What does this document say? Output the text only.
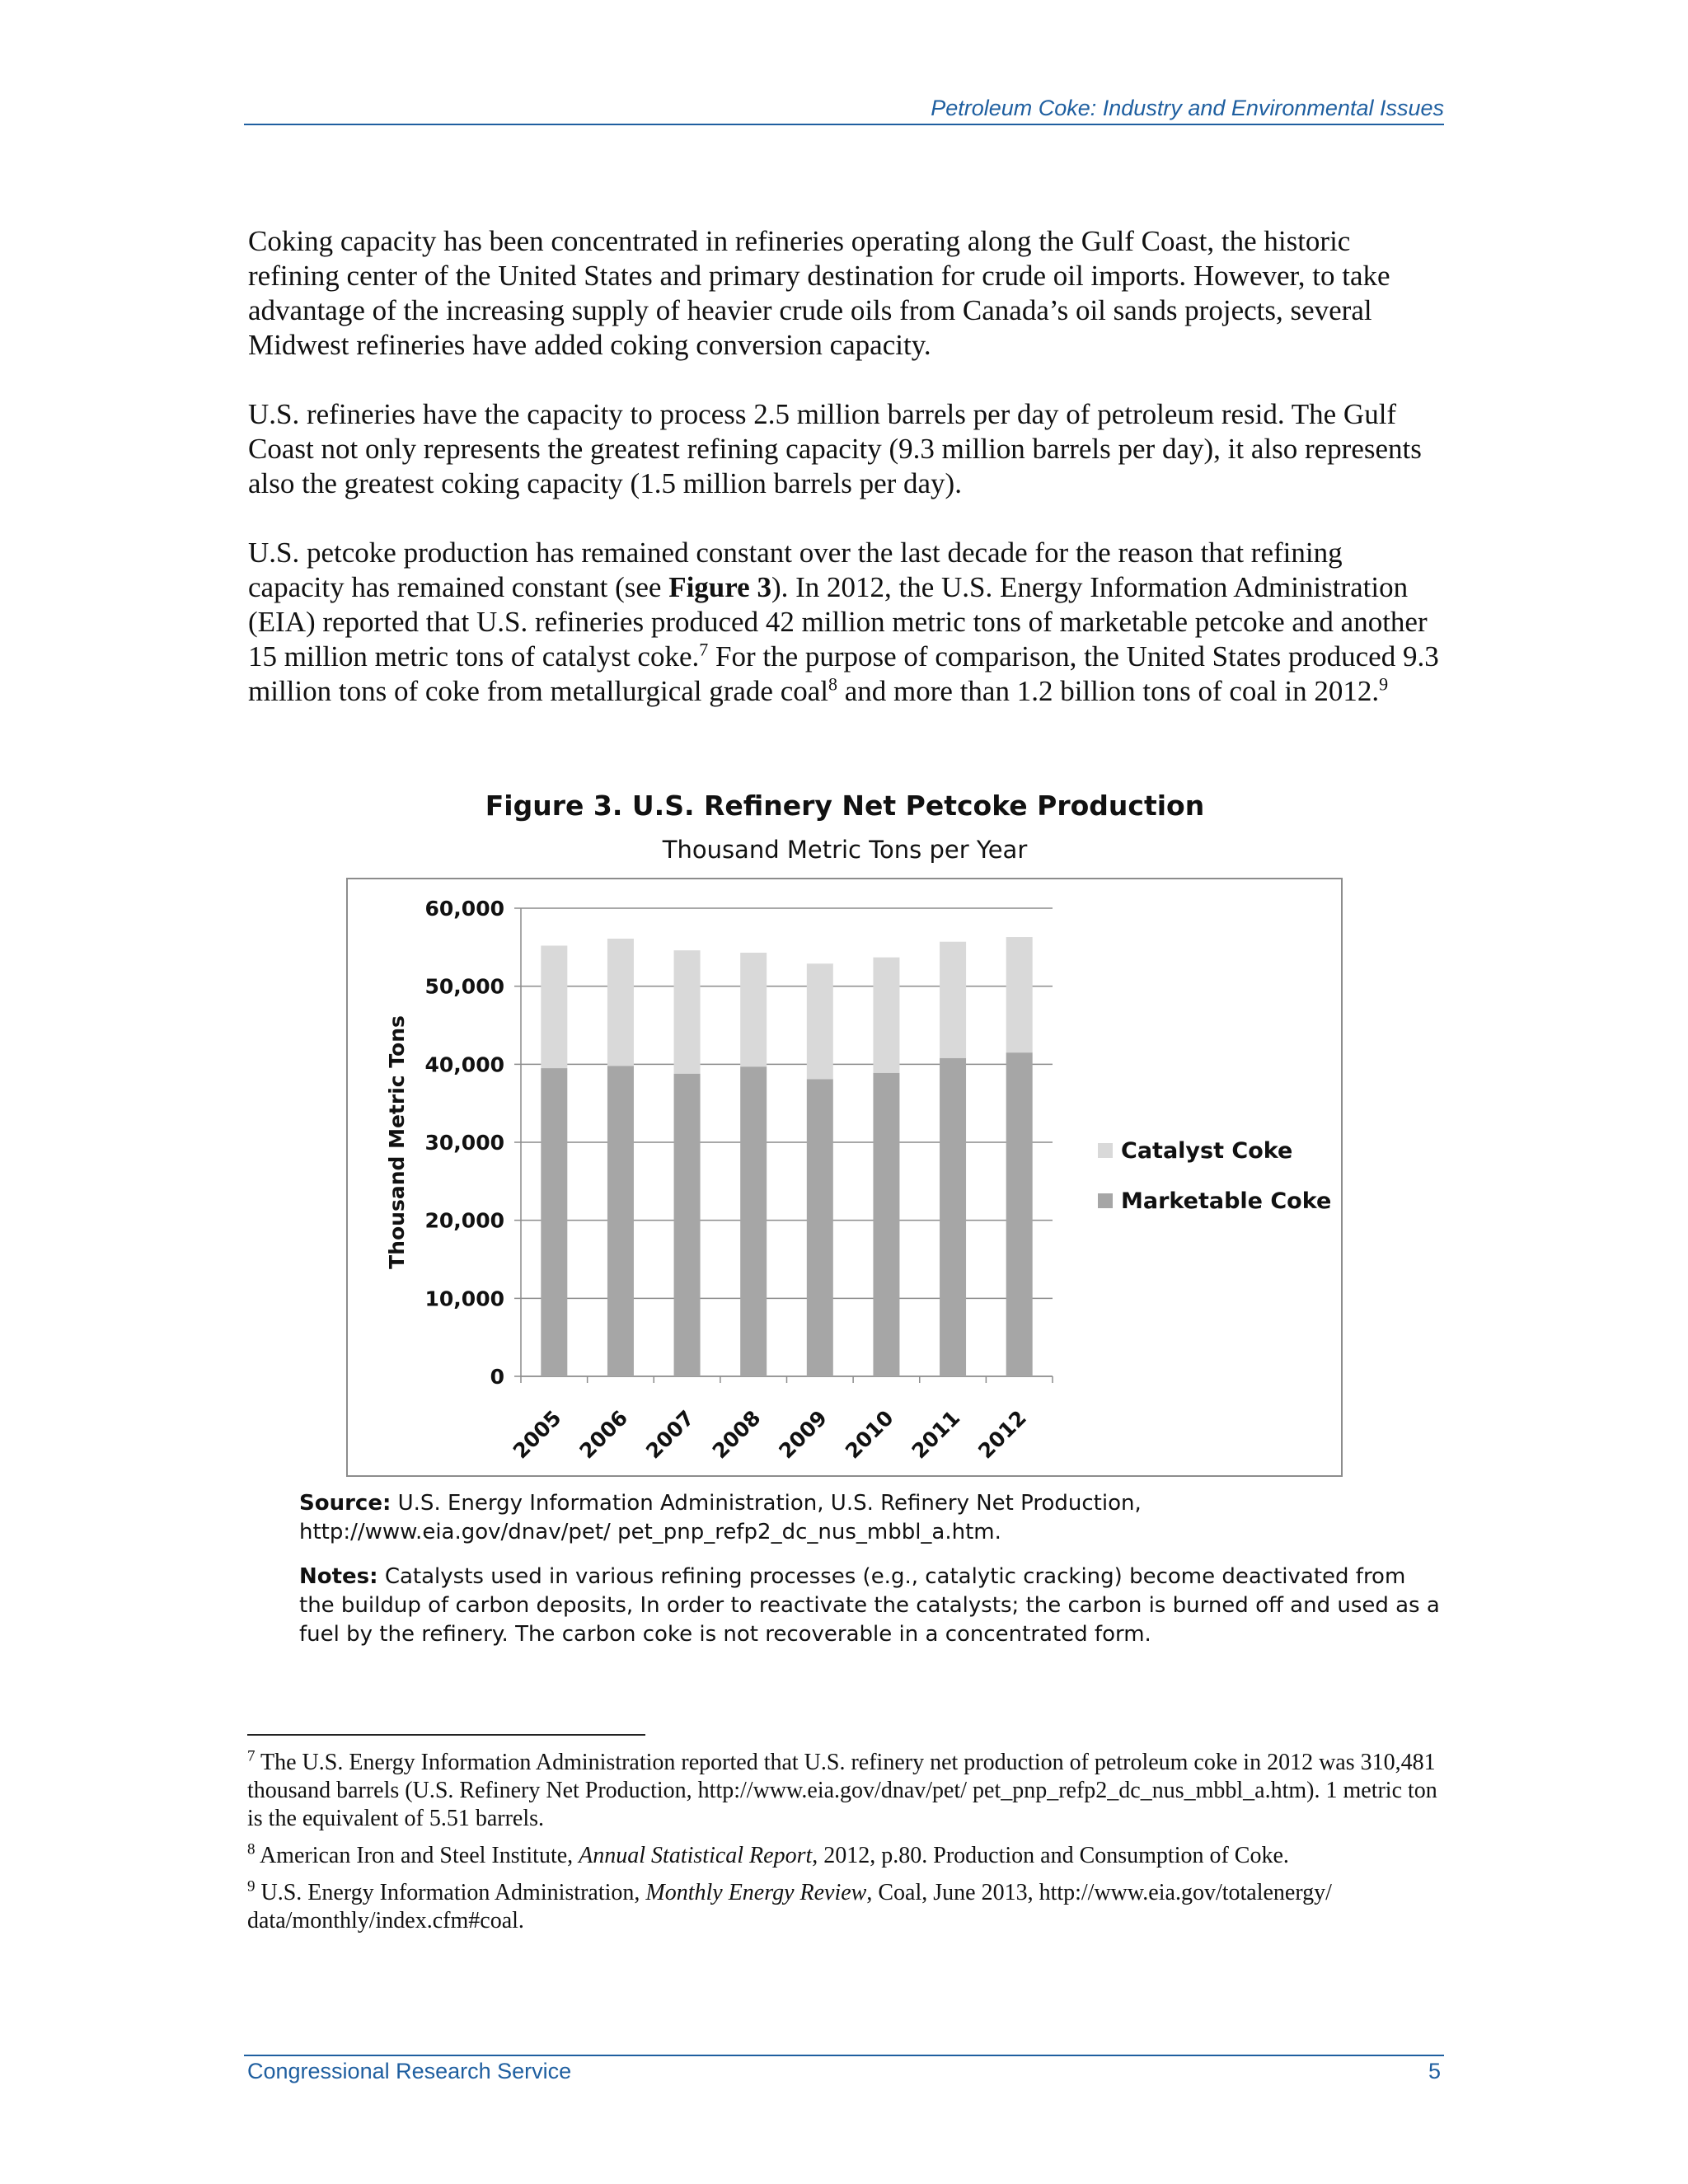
Petroleum Coke: Industry and Environmental Issues

Coking capacity has been concentrated in refineries operating along the Gulf Coast, the historic refining center of the United States and primary destination for crude oil imports. However, to take advantage of the increasing supply of heavier crude oils from Canada’s oil sands projects, several Midwest refineries have added coking conversion capacity.

U.S. refineries have the capacity to process 2.5 million barrels per day of petroleum resid. The Gulf Coast not only represents the greatest refining capacity (9.3 million barrels per day), it also represents also the greatest coking capacity (1.5 million barrels per day).

U.S. petcoke production has remained constant over the last decade for the reason that refining capacity has remained constant (see Figure 3). In 2012, the U.S. Energy Information Administration (EIA) reported that U.S. refineries produced 42 million metric tons of marketable petcoke and another 15 million metric tons of catalyst coke.$^7$ For the purpose of comparison, the United States produced 9.3 million tons of coke from metallurgical grade coal$^8$ and more than 1.2 billion tons of coal in 2012.$^9$

Figure 3. U.S. Refinery Net Petcoke Production
Thousand Metric Tons per Year
0
10,000
20,000
30,000
40,000
50,000
60,000
Thousand Metric Tons
2005 2006 2007 2008 2009 2010 2011 2012
Catalyst Coke
Marketable Coke
Source: U.S. Energy Information Administration, U.S. Refinery Net Production, http://www.eia.gov/dnav/pet/ pet_pnp_refp2_dc_nus_mbbl_a.htm.
Notes: Catalysts used in various refining processes (e.g., catalytic cracking) become deactivated from the buildup of carbon deposits, In order to reactivate the catalysts; the carbon is burned off and used as a fuel by the refinery. The carbon coke is not recoverable in a concentrated form.
$^7$ The U.S. Energy Information Administration reported that U.S. refinery net production of petroleum coke in 2012 was 310,481 thousand barrels (U.S. Refinery Net Production, http://www.eia.gov/dnav/pet/ pet_pnp_refp2_dc_nus_mbbl_a.htm). 1 metric ton is the equivalent of 5.51 barrels.
$^8$ American Iron and Steel Institute, Annual Statistical Report, 2012, p.80. Production and Consumption of Coke.
$^9$ U.S. Energy Information Administration, Monthly Energy Review, Coal, June 2013, http://www.eia.gov/totalenergy/ data/monthly/index.cfm#coal.
Congressional Research Service	5
